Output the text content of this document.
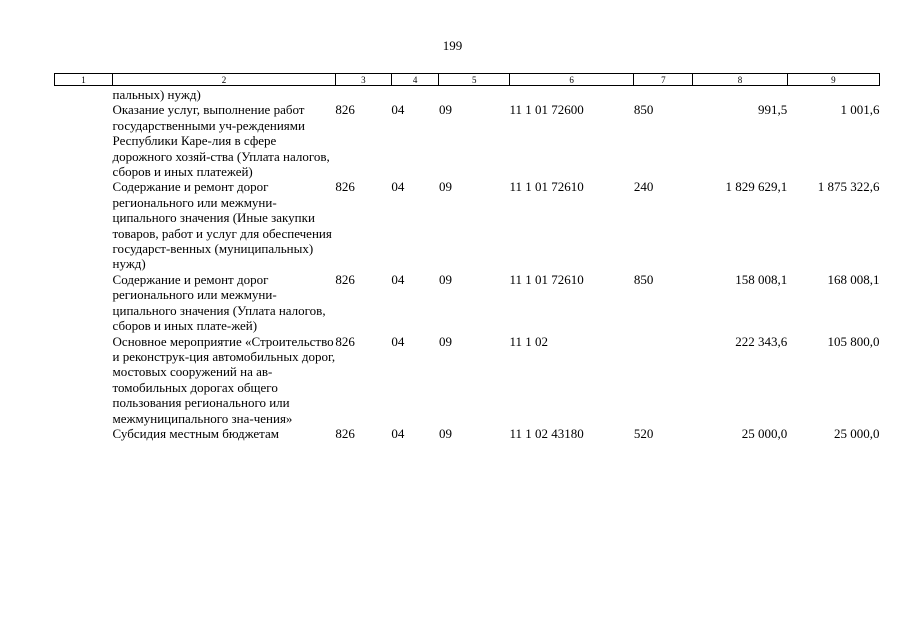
199
1	2	3	4	5	6	7	8	9
	пальных) нужд)							
	Оказание услуг, выполнение работ государственными уч-реждениями Республики Каре-лия в сфере дорожного хозяй-ства (Уплата налогов, сборов и иных платежей)	826	04	09	11 1 01 72600	850	991,5	1 001,6
	Содержание и ремонт дорог регионального или межмуни-ципального значения (Иные закупки товаров, работ и услуг для обеспечения государст-венных (муниципальных) нужд)	826	04	09	11 1 01 72610	240	1 829 629,1	1 875 322,6
	Содержание и ремонт дорог регионального или межмуни-ципального значения (Уплата налогов, сборов и иных плате-жей)	826	04	09	11 1 01 72610	850	158 008,1	168 008,1
	Основное мероприятие «Строительство и реконструк-ция автомобильных дорог, мостовых сооружений на ав-томобильных дорогах общего пользования регионального или межмуниципального зна-чения»	826	04	09	11 1 02		222 343,6	105 800,0
	Субсидия местным бюджетам	826	04	09	11 1 02 43180	520	25 000,0	25 000,0
